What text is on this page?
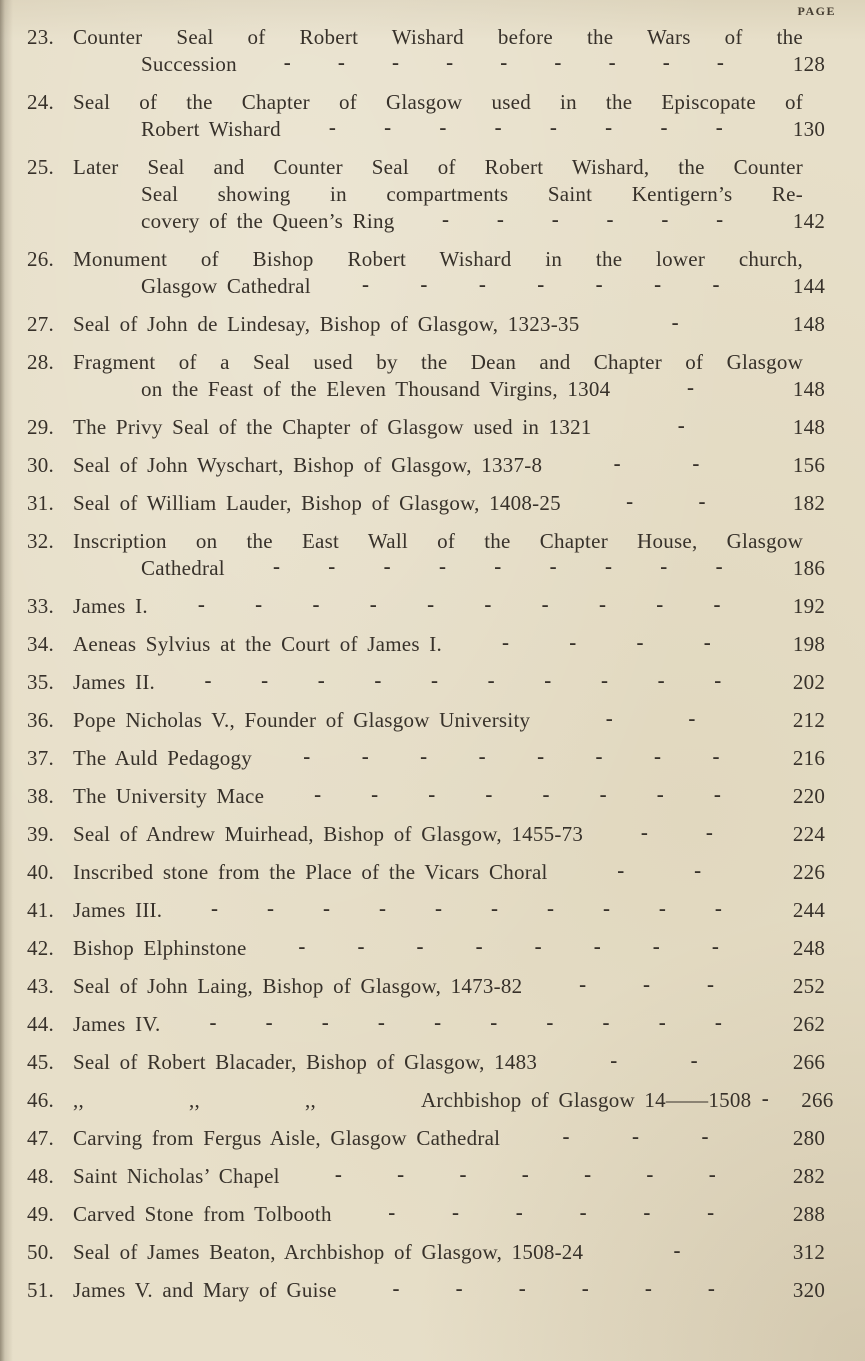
PAGE
23. Counter Seal of Robert Wishard before the Wars of the
Succession - - - - - - - - -	128
24. Seal of the Chapter of Glasgow used in the Episcopate of
Robert Wishard - - - - - - - -	130
25. Later Seal and Counter Seal of Robert Wishard, the Counter
Seal showing in compartments Saint Kentigern’s Re-
covery of the Queen’s Ring - - - - - -	142
26. Monument of Bishop Robert Wishard in the lower church,
Glasgow Cathedral - - - - - - -	144
27. Seal of John de Lindesay, Bishop of Glasgow, 1323-35	-	148
28. Fragment of a Seal used by the Dean and Chapter of Glasgow
on the Feast of the Eleven Thousand Virgins, 1304	-	148
29. The Privy Seal of the Chapter of Glasgow used in 1321	-	148
30. Seal of John Wyschart, Bishop of Glasgow, 1337-8	-	-	156
31. Seal of William Lauder, Bishop of Glasgow, 1408-25	-	-	182
32. Inscription on the East Wall of the Chapter House, Glasgow
Cathedral - - - - - - - - -	186
33. James I. - - - - - - - - - -	192
34. Aeneas Sylvius at the Court of James I.	-	-	-	-	198
35. James II. - - - - - - - - - -	202
36. Pope Nicholas V., Founder of Glasgow University	-	-	212
37. The Auld Pedagogy - - - - - - - -	216
38. The University Mace - - - - - - - -	220
39. Seal of Andrew Muirhead, Bishop of Glasgow, 1455-73	-	-	224
40. Inscribed stone from the Place of the Vicars Choral	-	-	226
41. James III. - - - - - - - - - -	244
42. Bishop Elphinstone - - - - - - - -	248
43. Seal of John Laing, Bishop of Glasgow, 1473-82	-	-	-	252
44. James IV. - - - - - - - - - -	262
45. Seal of Robert Blacader, Bishop of Glasgow, 1483	-	-	266
46. ,,	,,	,,	Archbishop of Glasgow 14——1508 -	266
47. Carving from Fergus Aisle, Glasgow Cathedral	-	-	-	280
48. Saint Nicholas’ Chapel	-	-	-	-	-	-	-	282
49. Carved Stone from Tolbooth	-	-	-	-	-	-	288
50. Seal of James Beaton, Archbishop of Glasgow, 1508-24	-	312
51. James V. and Mary of Guise	-	-	-	-	-	-	320
